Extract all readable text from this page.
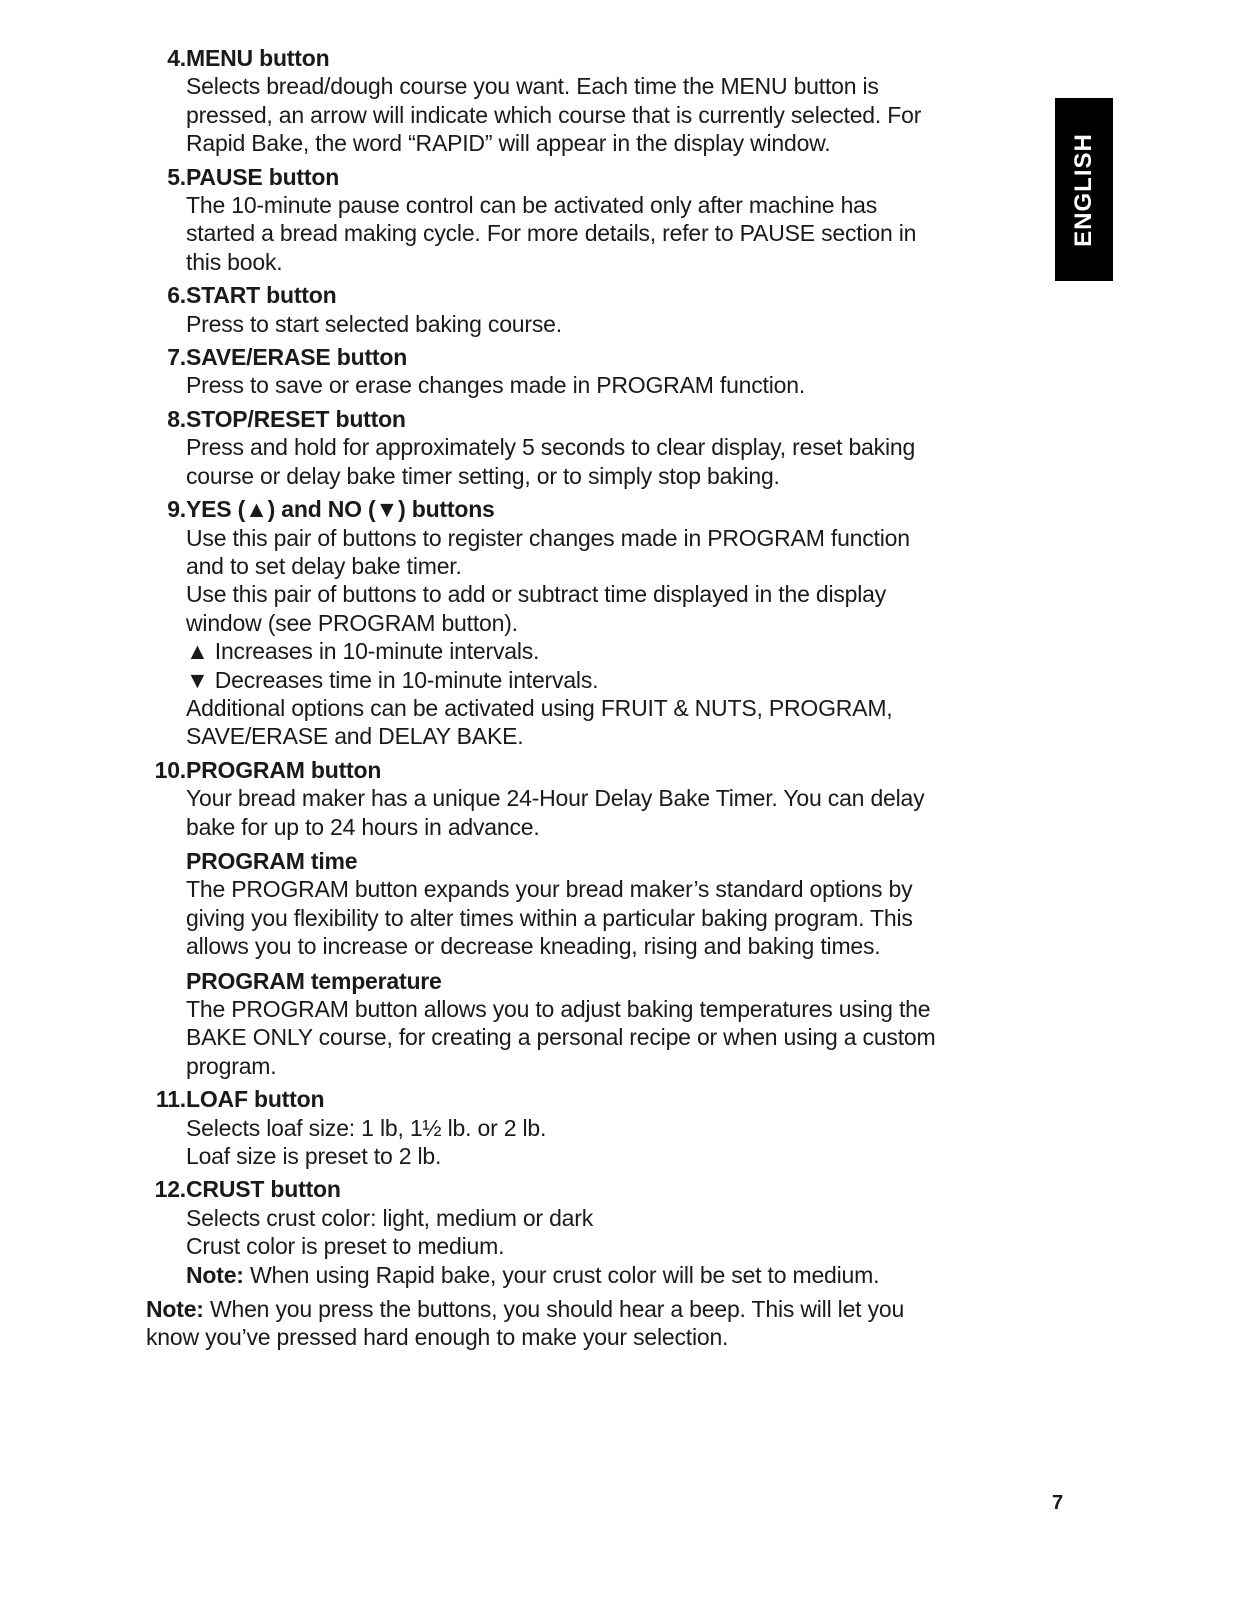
ENGLISH
4. MENU button
Selects bread/dough course you want. Each time the MENU button is
pressed, an arrow will indicate which course that is currently selected. For
Rapid Bake, the word “RAPID” will appear in the display window.
5. PAUSE button
The 10-minute pause control can be activated only after machine has
started a bread making cycle. For more details, refer to PAUSE section in
this book.
6. START button
Press to start selected baking course.
7. SAVE/ERASE button
Press to save or erase changes made in PROGRAM function.
8. STOP/RESET button
Press and hold for approximately 5 seconds to clear display, reset baking
course or delay bake timer setting, or to simply stop baking.
9. YES (▲) and NO (▼) buttons
Use this pair of buttons to register changes made in PROGRAM function
and to set delay bake timer.
Use this pair of buttons to add or subtract time displayed in the display
window (see PROGRAM button).
▲ Increases in 10-minute intervals.
▼ Decreases time in 10-minute intervals.
Additional options can be activated using FRUIT & NUTS, PROGRAM,
SAVE/ERASE and DELAY BAKE.
10. PROGRAM button
Your bread maker has a unique 24-Hour Delay Bake Timer. You can delay
bake for up to 24 hours in advance.
PROGRAM time
The PROGRAM button expands your bread maker’s standard options by
giving you flexibility to alter times within a particular baking program. This
allows you to increase or decrease kneading, rising and baking times.
PROGRAM temperature
The PROGRAM button allows you to adjust baking temperatures using the
BAKE ONLY course, for creating a personal recipe or when using a custom
program.
11. LOAF button
Selects loaf size: 1 lb, 1½ lb. or 2 lb.
Loaf size is preset to 2 lb.
12. CRUST button
Selects crust color: light, medium or dark
Crust color is preset to medium.
Note: When using Rapid bake, your crust color will be set to medium.
Note: When you press the buttons, you should hear a beep. This will let you
know you’ve pressed hard enough to make your selection.
7
